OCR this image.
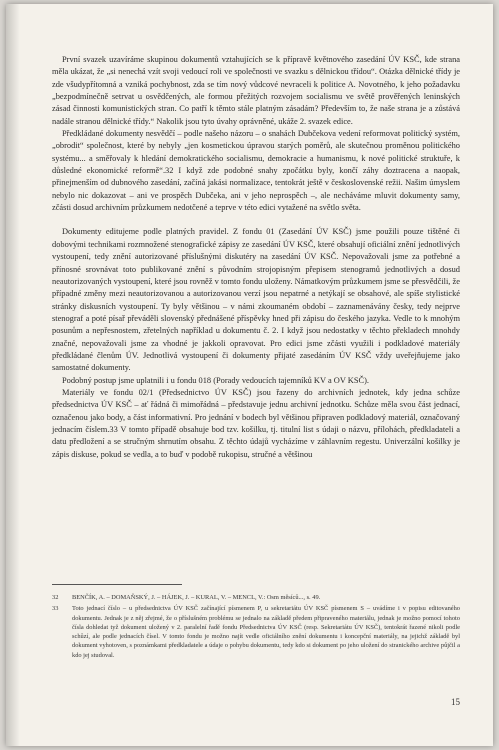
První svazek uzavíráme skupinou dokumentů vztahujících se k přípravě květnového zasedání ÚV KSČ, kde strana měla ukázat, že „si nenechá vzít svoji vedoucí roli ve společnosti ve svazku s dělnickou třídou“. Otázka dělnické třídy je zde všudypřítomná a vzniká pochybnost, zda se tím nový vůdcové nevraceli k politice A. Novotného, k jeho požadavku „bezpodmínečně setrvat u osvědčených, ale formou přežitých rozvojem socialismu ve světě prověřených leninských zásad činnosti komunistických stran. Co patří k těmto stále platným zásadám? Především to, že naše strana je a zůstává nadále stranou dělnické třídy.“ Nakolik jsou tyto úvahy oprávněné, ukáže 2. svazek edice.

Předkládané dokumenty nesvědčí – podle našeho názoru – o snahách Dubčekova vedení reformovat politický systém, „obrodit“ společnost, které by nebyly „jen kosmetickou úpravou starých poměrů, ale skutečnou proměnou politického systému... a směřovaly k hledání demokratického socialismu, demokracie a humanismu, k nové politické struktuře, k důsledné ekonomické reformě“.32 I když zde podobné snahy zpočátku byly, končí záhy doztracena a naopak, přinejmenším od dubnového zasedání, začíná jakási normalizace, tentokrát ještě v československé režii. Našim úmyslem nebylo nic dokazovat – ani ve prospěch Dubčeka, ani v jeho neprospěch –, ale necháváme mluvit dokumenty samy, zčásti dosud archivním průzkumem nedotčené a teprve v této edici vytažené na světlo světa.

Dokumenty editujeme podle platných pravidel. Z fondu 01 (Zasedání ÚV KSČ) jsme použili pouze tištěné či dobovými technikami rozmnožené stenografické zápisy ze zasedání ÚV KSČ, které obsahují oficiální znění jednotlivých vystoupení, tedy znění autorizované příslušnými diskutéry na zasedání ÚV KSČ. Nepovažovali jsme za potřebné a přínosné srovnávat toto publikované znění s původním strojopisným přepisem stenogramů jednotlivých a dosud neautorizovaných vystoupení, které jsou rovněž v tomto fondu uloženy. Námatkovým průzkumem jsme se přesvědčili, že případné změny mezi neautorizovanou a autorizovanou verzí jsou nepatrné a netýkají se obsahové, ale spíše stylistické stránky diskusních vystoupení. Ty byly většinou – v námi zkoumaném období – zaznamenávány česky, tedy nejprve stenograf a poté písař převáděli slovenský přednášené příspěvky hned při zápisu do českého jazyka. Vedle to k mnohým posunům a nepřesnostem, zřetelných například u dokumentu č. 2. I když jsou nedostatky v těchto překladech mnohdy značné, nepovažovali jsme za vhodné je jakkoli opravovat. Pro edici jsme zčásti využili i podkladové materiály předkládané členům ÚV. Jednotlivá vystoupení či dokumenty přijaté zasedáním ÚV KSČ vždy uveřejňujeme jako samostatné dokumenty.

Podobný postup jsme uplatnili i u fondu 018 (Porady vedoucích tajemníků KV a OV KSČ).

Materiály ve fondu 02/1 (Předsednictvo ÚV KSČ) jsou řazeny do archivních jednotek, kdy jedna schůze předsednictva ÚV KSČ – ať řádná či mimořádná – představuje jednu archivní jednotku. Schůze měla svou část jednací, označenou jako body, a část informativní. Pro jednání v bodech byl většinou připraven podkladový materiál, označovaný jednacím číslem.33 V tomto případě obsahuje bod tzv. košilku, tj. titulní list s údaji o názvu, přílohách, předkladateli a datu předložení a se stručným shrnutím obsahu. Z těchto údajů vycházíme v záhlavním regestu. Univerzální košilky je zápis diskuse, pokud se vedla, a to buď v podobě rukopisu, stručné a většinou

32	BENČÍK, A. – DOMAŇSKÝ, J. – HÁJEK, J. – KURAL, V. – MENCL, V.: Osm měsíců..., s. 49.
33	Toto jednací číslo – u předsednictva ÚV KSČ začínající písmenem P, u sekretariátu ÚV KSČ písmenem S – uvádíme i v popisu editovaného dokumentu. Jednak je z něj zřejmé, že o příslušném problému se jednalo na základě předem připraveného materiálu, jednak je možno pomocí tohoto čísla dohledat tyž dokument uložený v 2. paralelní řadě fondu Předsednictva ÚV KSČ (resp. Sekretariátu ÚV KSČ), tentokrát řazené nikoli podle schůzí, ale podle jednacích čísel. V tomto fondu je možno najít vedle oficiálního znění dokumentu i koncepční materiály, na jejichž základě byl dokument vyhotoven, s poznámkami předkladatele a údaje o pohybu dokumentu, tedy kdo si dokument po jeho uložení do stranického archive půjčil a kdo jej studoval.
15
